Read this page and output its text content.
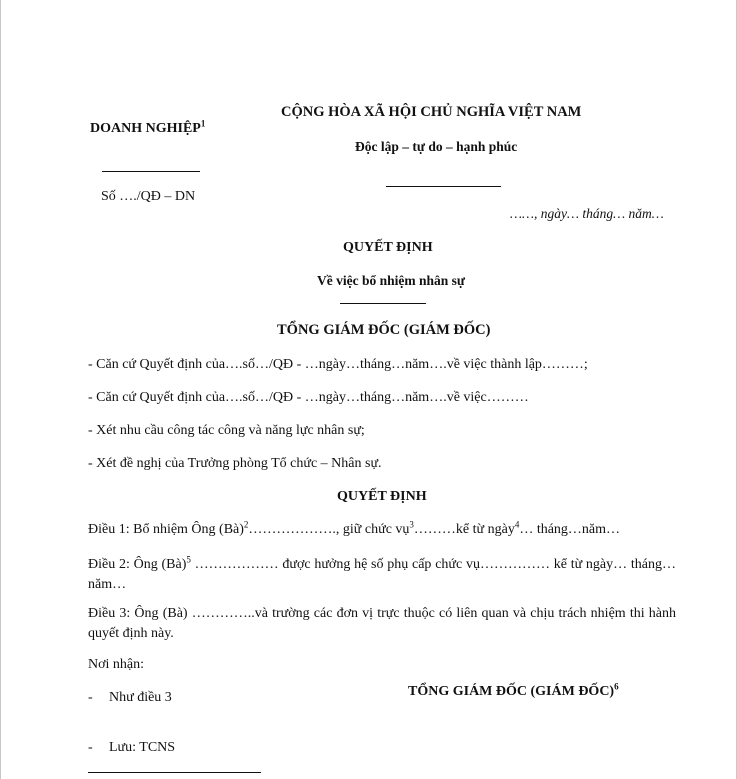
DOANH NGHIỆP$^1$
Số …./QĐ – DN
CỘNG HÒA XÃ HỘI CHỦ NGHĨA VIỆT NAM
Độc lập – tự do – hạnh phúc
……, ngày… tháng… năm…
QUYẾT ĐỊNH
Về việc bổ nhiệm nhân sự
TỔNG GIÁM ĐỐC (GIÁM ĐỐC)
- Căn cứ Quyết định của….số…/QĐ - …ngày…tháng…năm….về việc thành lập………;
- Căn cứ Quyết định của….số…/QĐ - …ngày…tháng…năm….về việc………
- Xét nhu cầu công tác công và năng lực nhân sự;
- Xét đề nghị của Trưởng phòng Tổ chức – Nhân sự.
QUYẾT ĐỊNH
Điều 1: Bổ nhiệm Ông (Bà)$^2$………………., giữ chức vụ$^3$………kể từ ngày$^4$… tháng…năm…
Điều 2: Ông (Bà)$^5$ ……………… được hưởng hệ số phụ cấp chức vụ…………… kể từ ngày… tháng…năm…
Điều 3: Ông (Bà) …………..và trường các đơn vị trực thuộc có liên quan và chịu trách nhiệm thi hành quyết định này.
Nơi nhận:
- Như điều 3
- Lưu: TCNS
TỔNG GIÁM ĐỐC (GIÁM ĐỐC)$^6$
